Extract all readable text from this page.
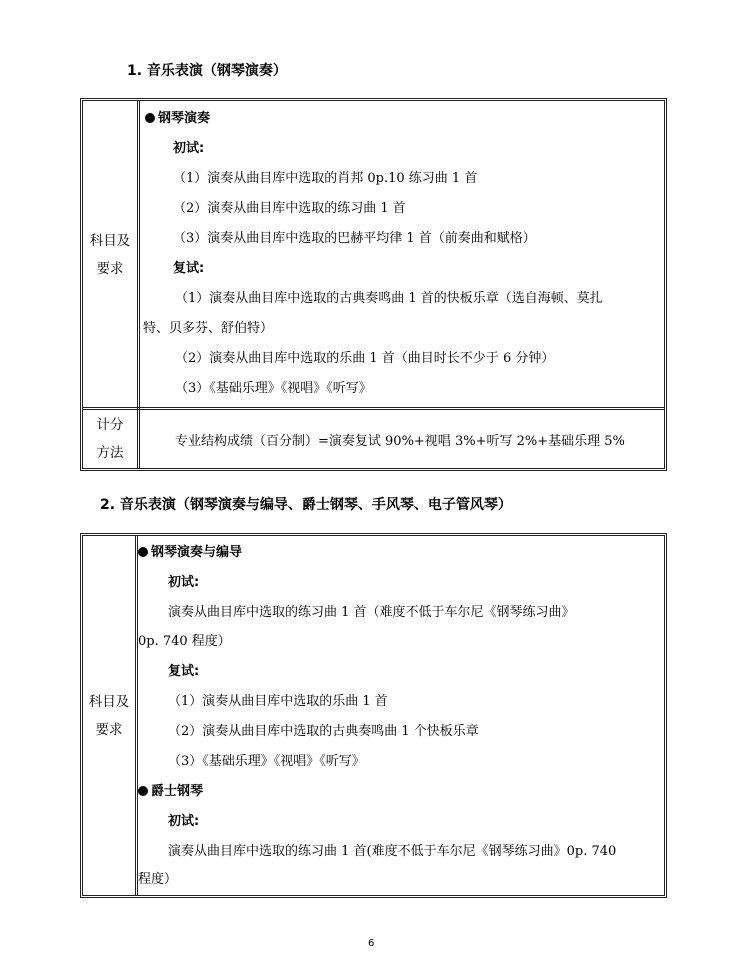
1. 音乐表演（钢琴演奏）
科目及
要求
计分
方法
钢琴演奏
初试:
（1）演奏从曲目库中选取的肖邦 0p.10 练习曲 1 首
（2）演奏从曲目库中选取的练习曲 1 首
（3）演奏从曲目库中选取的巴赫平均律 1 首（前奏曲和赋格）
复试:
（1）演奏从曲目库中选取的古典奏鸣曲 1 首的快板乐章（选自海顿、莫扎
特、贝多芬、舒伯特）
（2）演奏从曲目库中选取的乐曲 1 首（曲目时长不少于 6 分钟）
（3）《基础乐理》《视唱》《听写》
专业结构成绩（百分制）=演奏复试 90%+视唱 3%+听写 2%+基础乐理 5%
2. 音乐表演（钢琴演奏与编导、爵士钢琴、手风琴、电子管风琴）
科目及
要求
钢琴演奏与编导
初试:
演奏从曲目库中选取的练习曲 1 首（难度不低于车尔尼《钢琴练习曲》
0p. 740 程度）
复试:
（1）演奏从曲目库中选取的乐曲 1 首
（2）演奏从曲目库中选取的古典奏鸣曲 1 个快板乐章
（3）《基础乐理》《视唱》《听写》
爵士钢琴
初试:
演奏从曲目库中选取的练习曲 1 首(难度不低于车尔尼《钢琴练习曲》0p. 740
程度）
6
